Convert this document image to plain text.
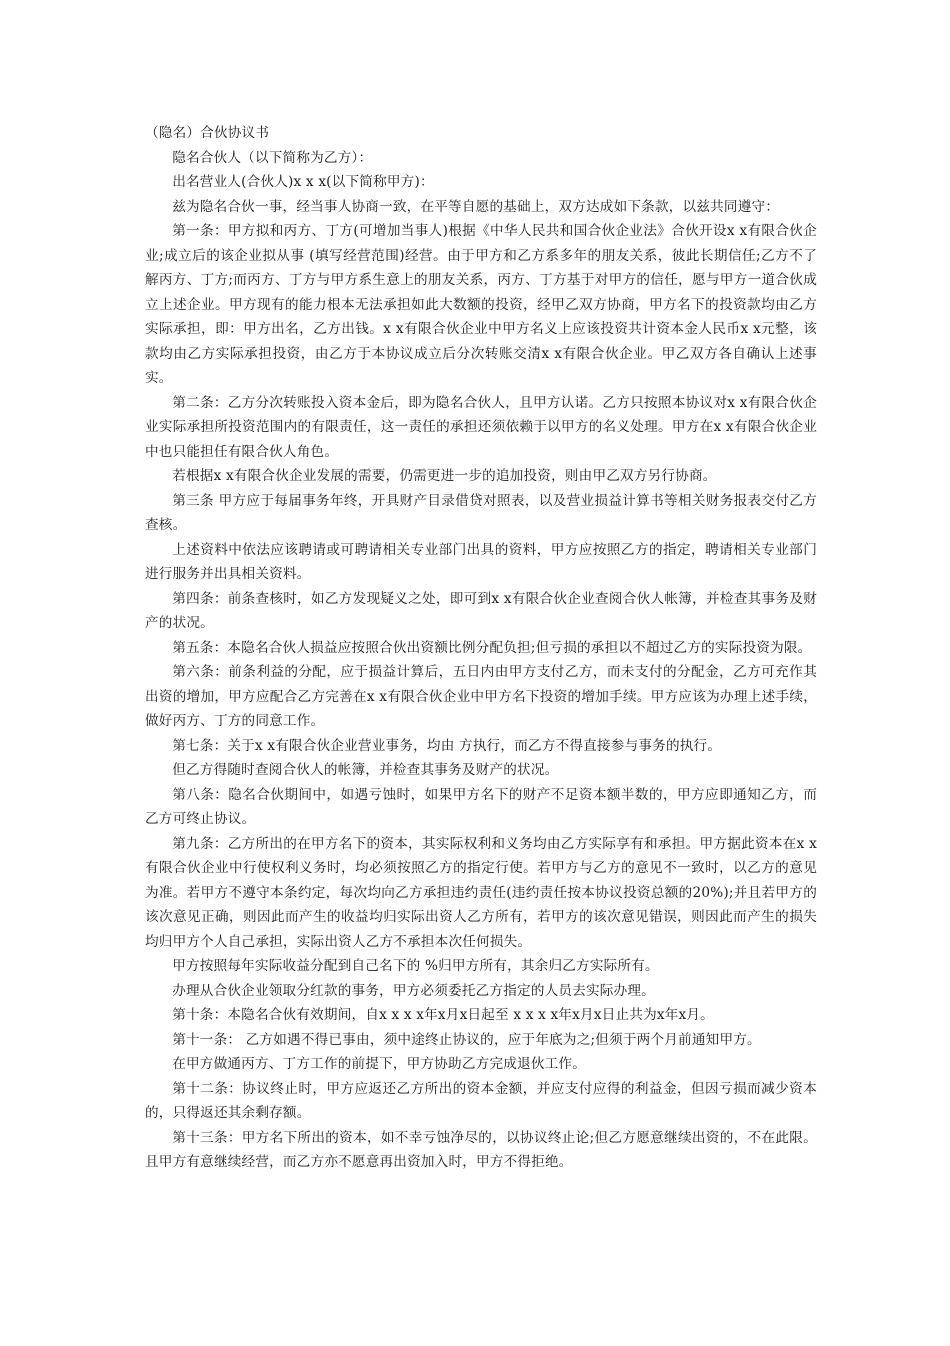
（隐名）合伙协议书

隐名合伙人（以下简称为乙方）：

出名营业人(合伙人)x x x(以下简称甲方)：

兹为隐名合伙一事，经当事人协商一致，在平等自愿的基础上，双方达成如下条款，以兹共同遵守：

第一条：甲方拟和丙方、丁方(可增加当事人)根据《中华人民共和国合伙企业法》合伙开设x x有限合伙企业;成立后的该企业拟从事 (填写经营范围)经营。由于甲方和乙方系多年的朋友关系，彼此长期信任;乙方不了解丙方、丁方;而丙方、丁方与甲方系生意上的朋友关系，丙方、丁方基于对甲方的信任，愿与甲方一道合伙成立上述企业。甲方现有的能力根本无法承担如此大数额的投资，经甲乙双方协商，甲方名下的投资款均由乙方实际承担，即：甲方出名，乙方出钱。x x有限合伙企业中甲方名义上应该投资共计资本金人民币x x元整，该款均由乙方实际承担投资，由乙方于本协议成立后分次转账交清x x有限合伙企业。甲乙双方各自确认上述事实。

第二条：乙方分次转账投入资本金后，即为隐名合伙人，且甲方认诺。乙方只按照本协议对x x有限合伙企业实际承担所投资范围内的有限责任，这一责任的承担还须依赖于以甲方的名义处理。甲方在x x有限合伙企业中也只能担任有限合伙人角色。

若根据x x有限合伙企业发展的需要，仍需更进一步的追加投资，则由甲乙双方另行协商。

第三条 甲方应于每届事务年终，开具财产目录借贷对照表，以及营业损益计算书等相关财务报表交付乙方查核。

上述资料中依法应该聘请或可聘请相关专业部门出具的资料，甲方应按照乙方的指定，聘请相关专业部门进行服务并出具相关资料。

第四条：前条查核时，如乙方发现疑义之处，即可到x x有限合伙企业查阅合伙人帐簿，并检查其事务及财产的状况。

第五条：本隐名合伙人损益应按照合伙出资额比例分配负担;但亏损的承担以不超过乙方的实际投资为限。

第六条：前条利益的分配，应于损益计算后，五日内由甲方支付乙方，而未支付的分配金，乙方可充作其出资的增加，甲方应配合乙方完善在x x有限合伙企业中甲方名下投资的增加手续。甲方应该为办理上述手续，做好丙方、丁方的同意工作。

第七条：关于x x有限合伙企业营业事务，均由 方执行，而乙方不得直接参与事务的执行。

但乙方得随时查阅合伙人的帐簿，并检查其事务及财产的状况。

第八条：隐名合伙期间中，如遇亏蚀时，如果甲方名下的财产不足资本额半数的，甲方应即通知乙方，而乙方可终止协议。

第九条：乙方所出的在甲方名下的资本，其实际权利和义务均由乙方实际享有和承担。甲方据此资本在x x有限合伙企业中行使权利义务时，均必须按照乙方的指定行使。若甲方与乙方的意见不一致时，以乙方的意见为准。若甲方不遵守本条约定，每次均向乙方承担违约责任(违约责任按本协议投资总额的20%);并且若甲方的该次意见正确，则因此而产生的收益均归实际出资人乙方所有，若甲方的该次意见错误，则因此而产生的损失均归甲方个人自己承担，实际出资人乙方不承担本次任何损失。

甲方按照每年实际收益分配到自己名下的 %归甲方所有，其余归乙方实际所有。

办理从合伙企业领取分红款的事务，甲方必须委托乙方指定的人员去实际办理。

第十条：本隐名合伙有效期间，自x x x x年x月x日起至 x x x x年x月x日止共为x年x月。

第十一条： 乙方如遇不得已事由，须中途终止协议的，应于年底为之;但须于两个月前通知甲方。

在甲方做通丙方、丁方工作的前提下，甲方协助乙方完成退伙工作。

第十二条：协议终止时，甲方应返还乙方所出的资本金额，并应支付应得的利益金，但因亏损而减少资本的，只得返还其余剩存额。

第十三条：甲方名下所出的资本，如不幸亏蚀净尽的，以协议终止论;但乙方愿意继续出资的，不在此限。且甲方有意继续经营，而乙方亦不愿意再出资加入时，甲方不得拒绝。
